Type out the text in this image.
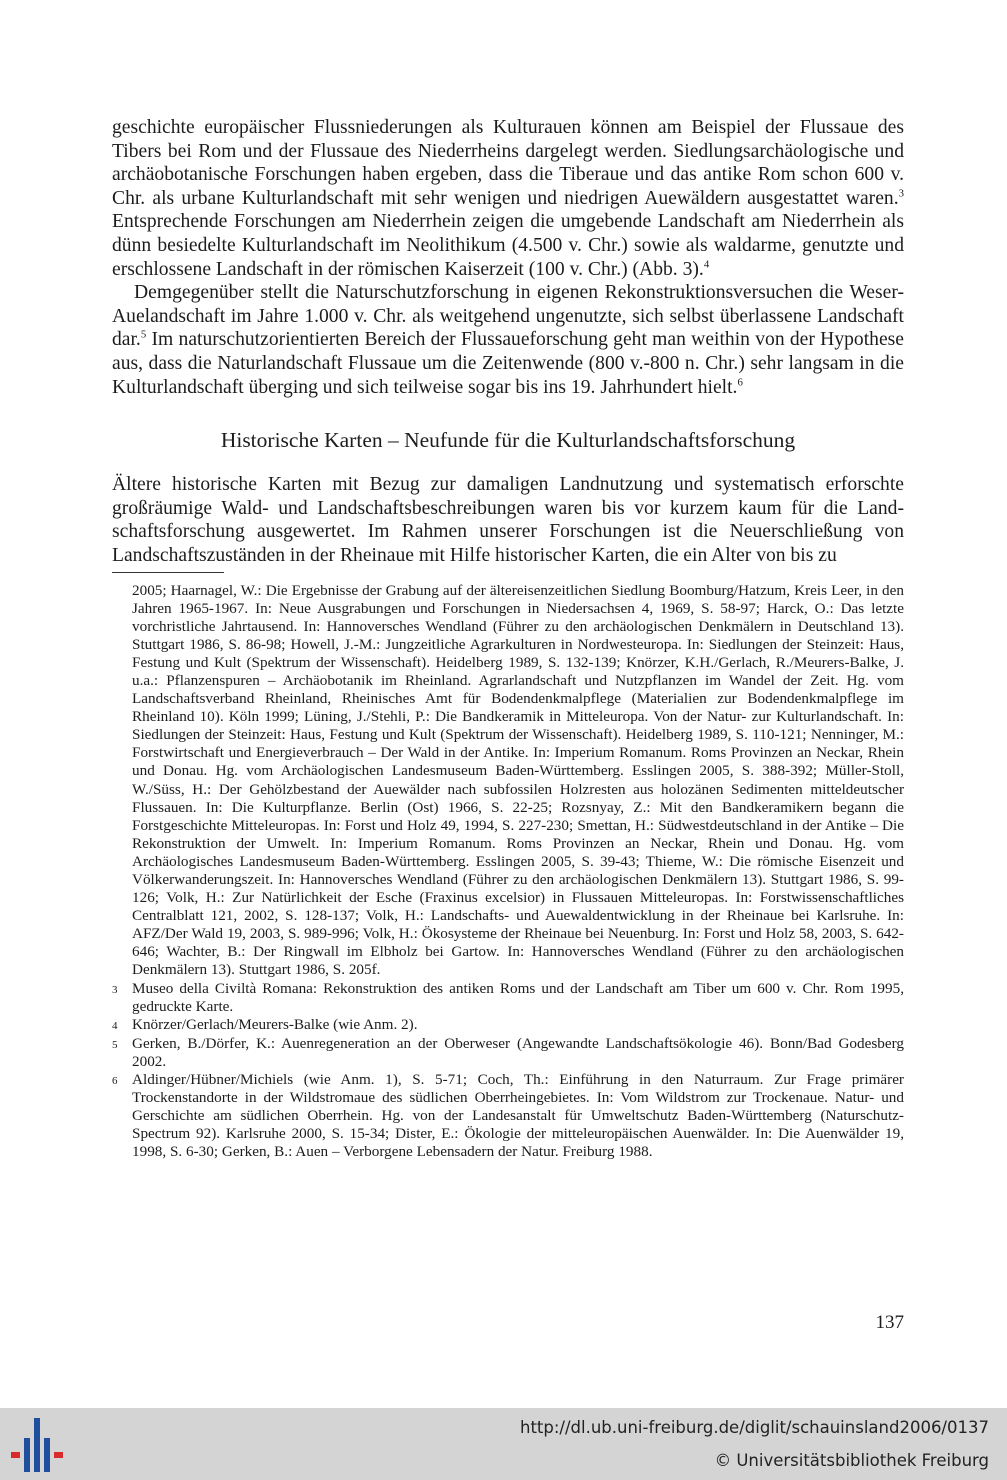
geschichte europäischer Flussniederungen als Kulturauen können am Beispiel der Flussaue des Tibers bei Rom und der Flussaue des Niederrheins dargelegt werden. Siedlungsarchäologische und archäobotanische Forschungen haben ergeben, dass die Tiberaue und das antike Rom schon 600 v. Chr. als urbane Kulturlandschaft mit sehr wenigen und niedrigen Auewäldern ausgestattet waren.$^3$ Entsprechende Forschungen am Niederrhein zeigen die umgebende Landschaft am Niederrhein als dünn besiedelte Kulturlandschaft im Neolithikum (4.500 v. Chr.) sowie als waldarme, genutzte und erschlossene Landschaft in der römischen Kaiserzeit (100 v. Chr.) (Abb. 3).$^4$

Demgegenüber stellt die Naturschutzforschung in eigenen Rekonstruktionsversuchen die Weser-Auelandschaft im Jahre 1.000 v. Chr. als weitgehend ungenutzte, sich selbst überlassene Landschaft dar.$^5$ Im naturschutzorientierten Bereich der Flussaueforschung geht man weithin von der Hypothese aus, dass die Naturlandschaft Flussaue um die Zeitenwende (800 v.-800 n. Chr.) sehr langsam in die Kulturlandschaft überging und sich teilweise sogar bis ins 19. Jahrhundert hielt.$^6$

Historische Karten – Neufunde für die Kulturlandschaftsforschung

Ältere historische Karten mit Bezug zur damaligen Landnutzung und systematisch erforschte großräumige Wald- und Landschaftsbeschreibungen waren bis vor kurzem kaum für die Landschaftsforschung ausgewertet. Im Rahmen unserer Forschungen ist die Neuerschließung von Landschaftszuständen in der Rheinaue mit Hilfe historischer Karten, die ein Alter von bis zu

2005; Haarnagel, W.: Die Ergebnisse der Grabung auf der ältereisenzeitlichen Siedlung Boomburg/Hatzum, Kreis Leer, in den Jahren 1965-1967. In: Neue Ausgrabungen und Forschungen in Niedersachsen 4, 1969, S. 58-97; Harck, O.: Das letzte vorchristliche Jahrtausend. In: Hannoversches Wendland (Führer zu den archäologischen Denkmälern in Deutschland 13). Stuttgart 1986, S. 86-98; Howell, J.-M.: Jungzeitliche Agrarkulturen in Nordwesteuropa. In: Siedlungen der Steinzeit: Haus, Festung und Kult (Spektrum der Wissenschaft). Heidelberg 1989, S. 132-139; Knörzer, K.H./Gerlach, R./Meurers-Balke, J. u.a.: Pflanzenspuren – Archäobotanik im Rheinland. Agrarlandschaft und Nutzpflanzen im Wandel der Zeit. Hg. vom Landschaftsverband Rheinland, Rheinisches Amt für Bodendenkmalpflege (Materialien zur Bodendenkmalpflege im Rheinland 10). Köln 1999; Lüning, J./Stehli, P.: Die Bandkeramik in Mitteleuropa. Von der Natur- zur Kulturlandschaft. In: Siedlungen der Steinzeit: Haus, Festung und Kult (Spektrum der Wissenschaft). Heidelberg 1989, S. 110-121; Nenninger, M.: Forstwirtschaft und Energieverbrauch – Der Wald in der Antike. In: Imperium Romanum. Roms Provinzen an Neckar, Rhein und Donau. Hg. vom Archäologischen Landesmuseum Baden-Württemberg. Esslingen 2005, S. 388-392; Müller-Stoll, W./Süss, H.: Der Gehölzbestand der Auewälder nach subfossilen Holzresten aus holozänen Sedimenten mitteldeutscher Flussauen. In: Die Kulturpflanze. Berlin (Ost) 1966, S. 22-25; Rozsnyay, Z.: Mit den Bandkeramikern begann die Forstgeschichte Mitteleuropas. In: Forst und Holz 49, 1994, S. 227-230; Smettan, H.: Südwestdeutschland in der Antike – Die Rekonstruktion der Umwelt. In: Imperium Romanum. Roms Provinzen an Neckar, Rhein und Donau. Hg. vom Archäologisches Landesmuseum Baden-Württemberg. Esslingen 2005, S. 39-43; Thieme, W.: Die römische Eisenzeit und Völkerwanderungszeit. In: Hannoversches Wendland (Führer zu den archäologischen Denkmälern 13). Stuttgart 1986, S. 99-126; Volk, H.: Zur Natürlichkeit der Esche (Fraxinus excelsior) in Flussauen Mitteleuropas. In: Forstwissenschaftliches Centralblatt 121, 2002, S. 128-137; Volk, H.: Landschafts- und Auewaldentwicklung in der Rheinaue bei Karlsruhe. In: AFZ/Der Wald 19, 2003, S. 989-996; Volk, H.: Ökosysteme der Rheinaue bei Neuenburg. In: Forst und Holz 58, 2003, S. 642-646; Wachter, B.: Der Ringwall im Elbholz bei Gartow. In: Hannoversches Wendland (Führer zu den archäologischen Denkmälern 13). Stuttgart 1986, S. 205f.
3 Museo della Civiltà Romana: Rekonstruktion des antiken Roms und der Landschaft am Tiber um 600 v. Chr. Rom 1995, gedruckte Karte.
4 Knörzer/Gerlach/Meurers-Balke (wie Anm. 2).
5 Gerken, B./Dörfer, K.: Auenregeneration an der Oberweser (Angewandte Landschaftsökologie 46). Bonn/Bad Godesberg 2002.
6 Aldinger/Hübner/Michiels (wie Anm. 1), S. 5-71; Coch, Th.: Einführung in den Naturraum. Zur Frage primärer Trockenstandorte in der Wildstromaue des südlichen Oberrheingebietes. In: Vom Wildstrom zur Trockenaue. Natur- und Gerschichte am südlichen Oberrhein. Hg. von der Landesanstalt für Umweltschutz Baden-Württemberg (Naturschutz-Spectrum 92). Karlsruhe 2000, S. 15-34; Dister, E.: Ökologie der mitteleuropäischen Auenwälder. In: Die Auenwälder 19, 1998, S. 6-30; Gerken, B.: Auen – Verborgene Lebensadern der Natur. Freiburg 1988.
137
http://dl.ub.uni-freiburg.de/diglit/schauinsland2006/0137
© Universitätsbibliothek Freiburg
